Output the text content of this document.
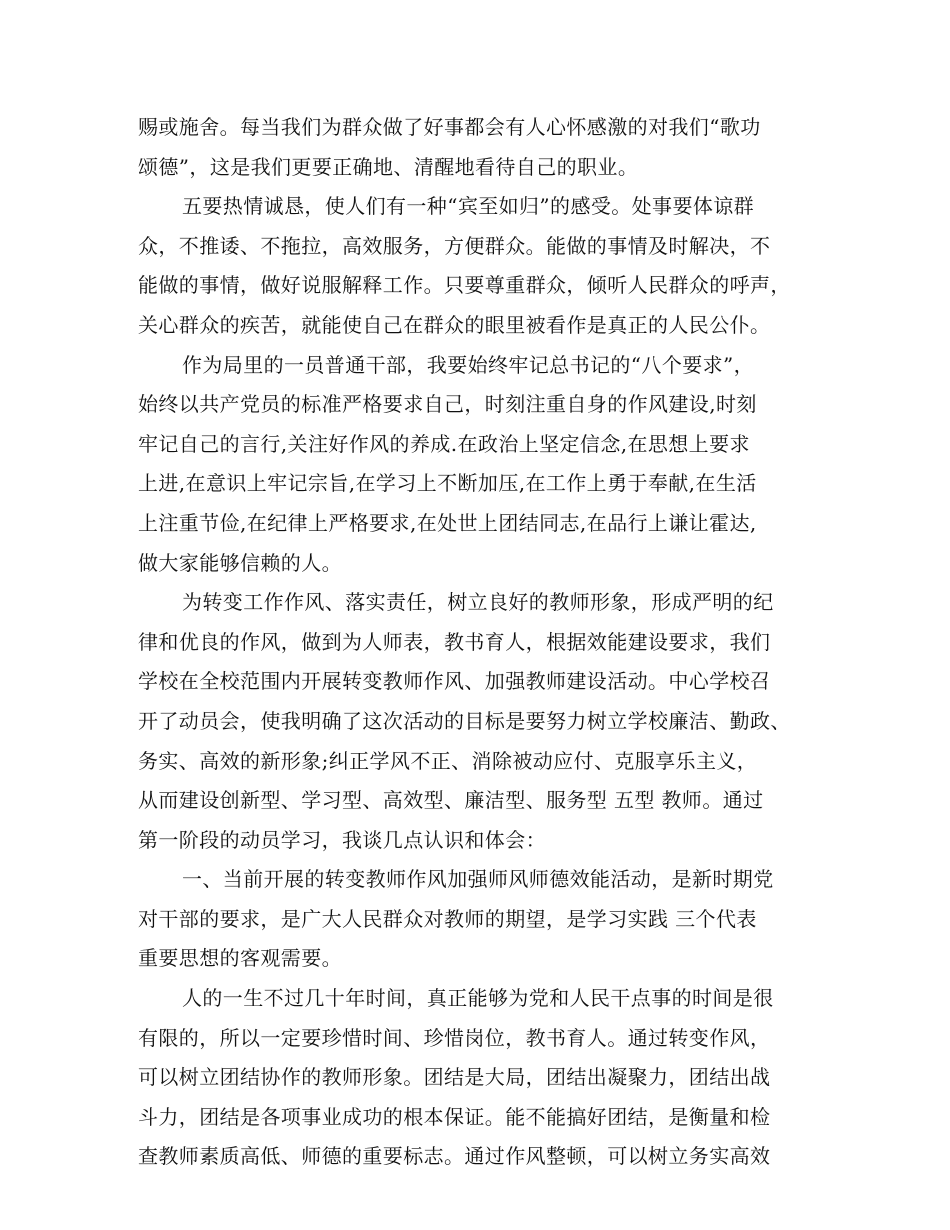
赐或施舍。每当我们为群众做了好事都会有人心怀感激的对我们“歌功
颂德”，这是我们更要正确地、清醒地看待自己的职业。
五要热情诚恳，使人们有一种“宾至如归”的感受。处事要体谅群
众，不推诿、不拖拉，高效服务，方便群众。能做的事情及时解决，不
能做的事情，做好说服解释工作。只要尊重群众，倾听人民群众的呼声，
关心群众的疾苦，就能使自己在群众的眼里被看作是真正的人民公仆。
作为局里的一员普通干部，我要始终牢记总书记的“八个要求”，
始终以共产党员的标准严格要求自己，时刻注重自身的作风建设,时刻
牢记自己的言行,关注好作风的养成.在政治上坚定信念,在思想上要求
上进,在意识上牢记宗旨,在学习上不断加压,在工作上勇于奉献,在生活
上注重节俭,在纪律上严格要求,在处世上团结同志,在品行上谦让霍达,
做大家能够信赖的人。
为转变工作作风、落实责任，树立良好的教师形象，形成严明的纪
律和优良的作风，做到为人师表，教书育人，根据效能建设要求，我们
学校在全校范围内开展转变教师作风、加强教师建设活动。中心学校召
开了动员会，使我明确了这次活动的目标是要努力树立学校廉洁、勤政、
务实、高效的新形象;纠正学风不正、消除被动应付、克服享乐主义，
从而建设创新型、学习型、高效型、廉洁型、服务型 五型 教师。通过
第一阶段的动员学习，我谈几点认识和体会：
一、当前开展的转变教师作风加强师风师德效能活动，是新时期党
对干部的要求，是广大人民群众对教师的期望，是学习实践 三个代表
重要思想的客观需要。
人的一生不过几十年时间，真正能够为党和人民干点事的时间是很
有限的，所以一定要珍惜时间、珍惜岗位，教书育人。通过转变作风，
可以树立团结协作的教师形象。团结是大局，团结出凝聚力，团结出战
斗力，团结是各项事业成功的根本保证。能不能搞好团结，是衡量和检
查教师素质高低、师德的重要标志。通过作风整顿，可以树立务实高效
